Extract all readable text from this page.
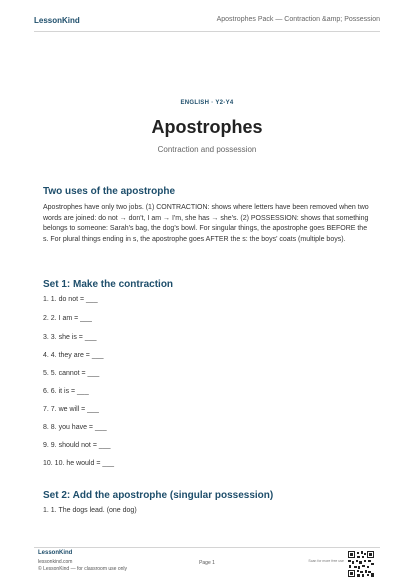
LessonKind	Apostrophes Pack — Contraction &amp; Possession
ENGLISH · Y2-Y4
Apostrophes
Contraction and possession
Two uses of the apostrophe
Apostrophes have only two jobs. (1) CONTRACTION: shows where letters have been removed when two words are joined: do not → don't, I am → I'm, she has → she's. (2) POSSESSION: shows that something belongs to someone: Sarah's bag, the dog's bowl. For singular things, the apostrophe goes BEFORE the s. For plural things ending in s, the apostrophe goes AFTER the s: the boys' coats (multiple boys).
Set 1: Make the contraction
1. 1. do not = ___
2. 2. I am = ___
3. 3. she is = ___
4. 4. they are = ___
5. 5. cannot = ___
6. 6. it is = ___
7. 7. we will = ___
8. 8. you have = ___
9. 9. should not = ___
10. 10. he would = ___
Set 2: Add the apostrophe (singular possession)
1. 1. The dogs lead. (one dog)
LessonKind
lessonkind.com
© LessonKind — for classroom use only
Page 1	Scan for more free use
